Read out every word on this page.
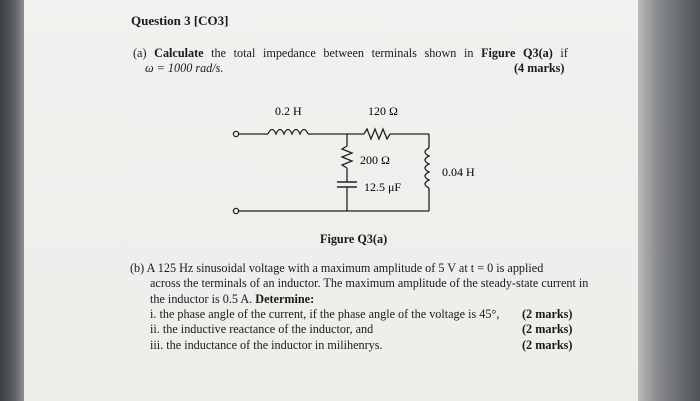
Question 3 [CO3]
(a) Calculate the total impedance between terminals shown in Figure Q3(a) if
ω = 1000 rad/s.	(4 marks)
0.2 H	120 Ω
200 Ω
12.5 μF
0.04 H
Figure Q3(a)
(b) A 125 Hz sinusoidal voltage with a maximum amplitude of 5 V at t = 0 is applied
across the terminals of an inductor. The maximum amplitude of the steady-state current in
the inductor is 0.5 A. Determine:
i. the phase angle of the current, if the phase angle of the voltage is 45°, (2 marks)
ii. the inductive reactance of the inductor, and	(2 marks)
iii. the inductance of the inductor in milihenrys.	(2 marks)
